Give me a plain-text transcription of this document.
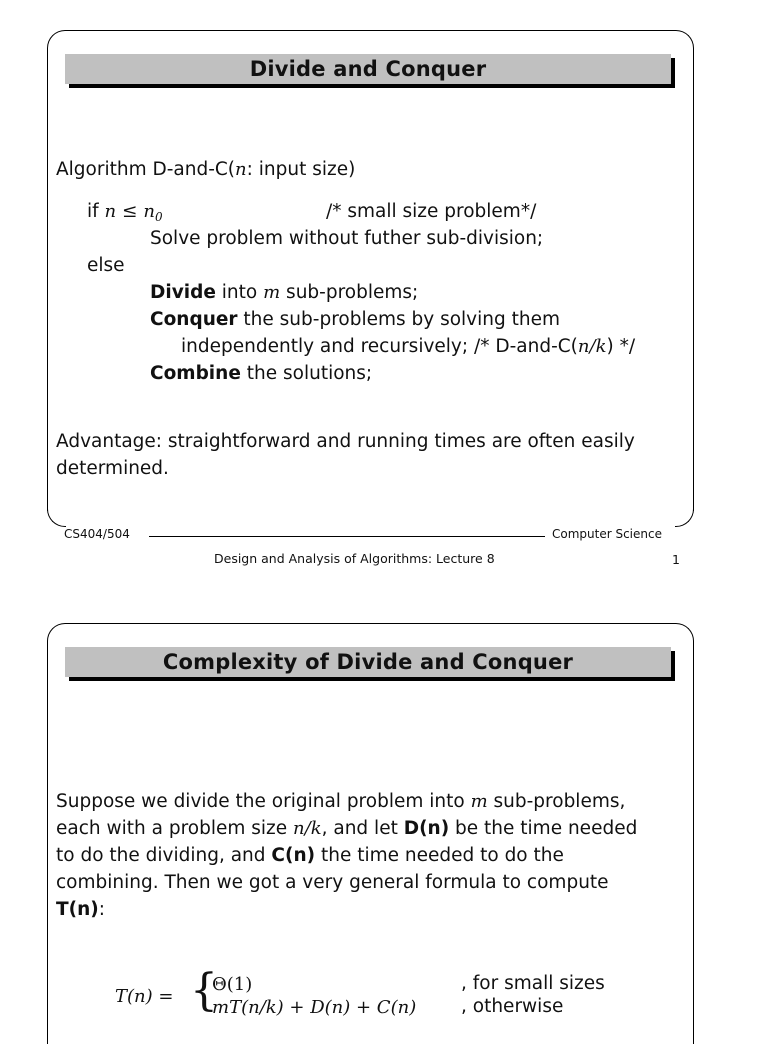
Divide and Conquer
Algorithm D-and-C(n: input size)
if $n \le n_0$	/* small size problem*/
Solve problem without futher sub-division;
else
Divide into m sub-problems;
Conquer the sub-problems by solving them
independently and recursively; /* D-and-C(n/k) */
Combine the solutions;
Advantage: straightforward and running times are often easily
determined.
CS404/504	Computer Science
Design and Analysis of Algorithms: Lecture 8	1
Complexity of Divide and Conquer
Suppose we divide the original problem into m sub-problems,
each with a problem size n/k, and let D(n) be the time needed
to do the dividing, and C(n) the time needed to do the
combining. Then we got a very general formula to compute
T(n):
T(n) = {
Θ(1)	, for small sizes
mT(n/k) + D(n) + C(n) , otherwise
